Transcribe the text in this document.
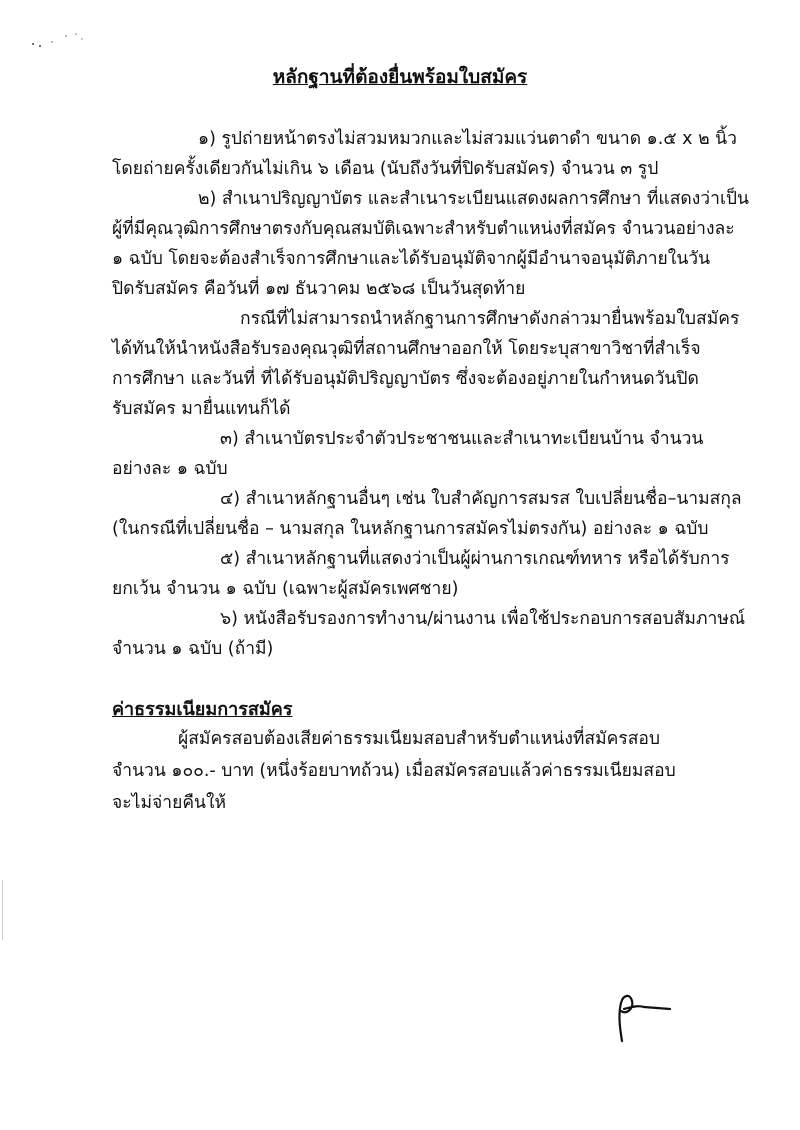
หลักฐานที่ต้องยื่นพร้อมใบสมัคร
๑) รูปถ่ายหน้าตรงไม่สวมหมวกและไม่สวมแว่นตาดำ ขนาด ๑.๕ x ๒ นิ้ว
โดยถ่ายครั้งเดียวกันไม่เกิน ๖ เดือน (นับถึงวันที่ปิดรับสมัคร) จำนวน ๓ รูป
๒) สำเนาปริญญาบัตร และสำเนาระเบียนแสดงผลการศึกษา ที่แสดงว่าเป็น
ผู้ที่มีคุณวุฒิการศึกษาตรงกับคุณสมบัติเฉพาะสำหรับตำแหน่งที่สมัคร จำนวนอย่างละ
๑ ฉบับ โดยจะต้องสำเร็จการศึกษาและได้รับอนุมัติจากผู้มีอำนาจอนุมัติภายในวัน
ปิดรับสมัคร คือวันที่ ๑๗ ธันวาคม ๒๕๖๘ เป็นวันสุดท้าย
กรณีที่ไม่สามารถนำหลักฐานการศึกษาดังกล่าวมายื่นพร้อมใบสมัคร
ได้ทันให้นำหนังสือรับรองคุณวุฒิที่สถานศึกษาออกให้ โดยระบุสาขาวิชาที่สำเร็จ
การศึกษา และวันที่ ที่ได้รับอนุมัติปริญญาบัตร ซึ่งจะต้องอยู่ภายในกำหนดวันปิด
รับสมัคร มายื่นแทนก็ได้
๓) สำเนาบัตรประจำตัวประชาชนและสำเนาทะเบียนบ้าน จำนวน
อย่างละ ๑ ฉบับ
๔) สำเนาหลักฐานอื่นๆ เช่น ใบสำคัญการสมรส ใบเปลี่ยนชื่อ–นามสกุล
(ในกรณีที่เปลี่ยนชื่อ – นามสกุล ในหลักฐานการสมัครไม่ตรงกัน) อย่างละ ๑ ฉบับ
๕) สำเนาหลักฐานที่แสดงว่าเป็นผู้ผ่านการเกณฑ์ทหาร หรือได้รับการ
ยกเว้น จำนวน ๑ ฉบับ (เฉพาะผู้สมัครเพศชาย)
๖) หนังสือรับรองการทำงาน/ผ่านงาน เพื่อใช้ประกอบการสอบสัมภาษณ์
จำนวน ๑ ฉบับ (ถ้ามี)
ค่าธรรมเนียมการสมัคร
ผู้สมัครสอบต้องเสียค่าธรรมเนียมสอบสำหรับตำแหน่งที่สมัครสอบ
จำนวน ๑๐๐.- บาท (หนึ่งร้อยบาทถ้วน) เมื่อสมัครสอบแล้วค่าธรรมเนียมสอบ
จะไม่จ่ายคืนให้
